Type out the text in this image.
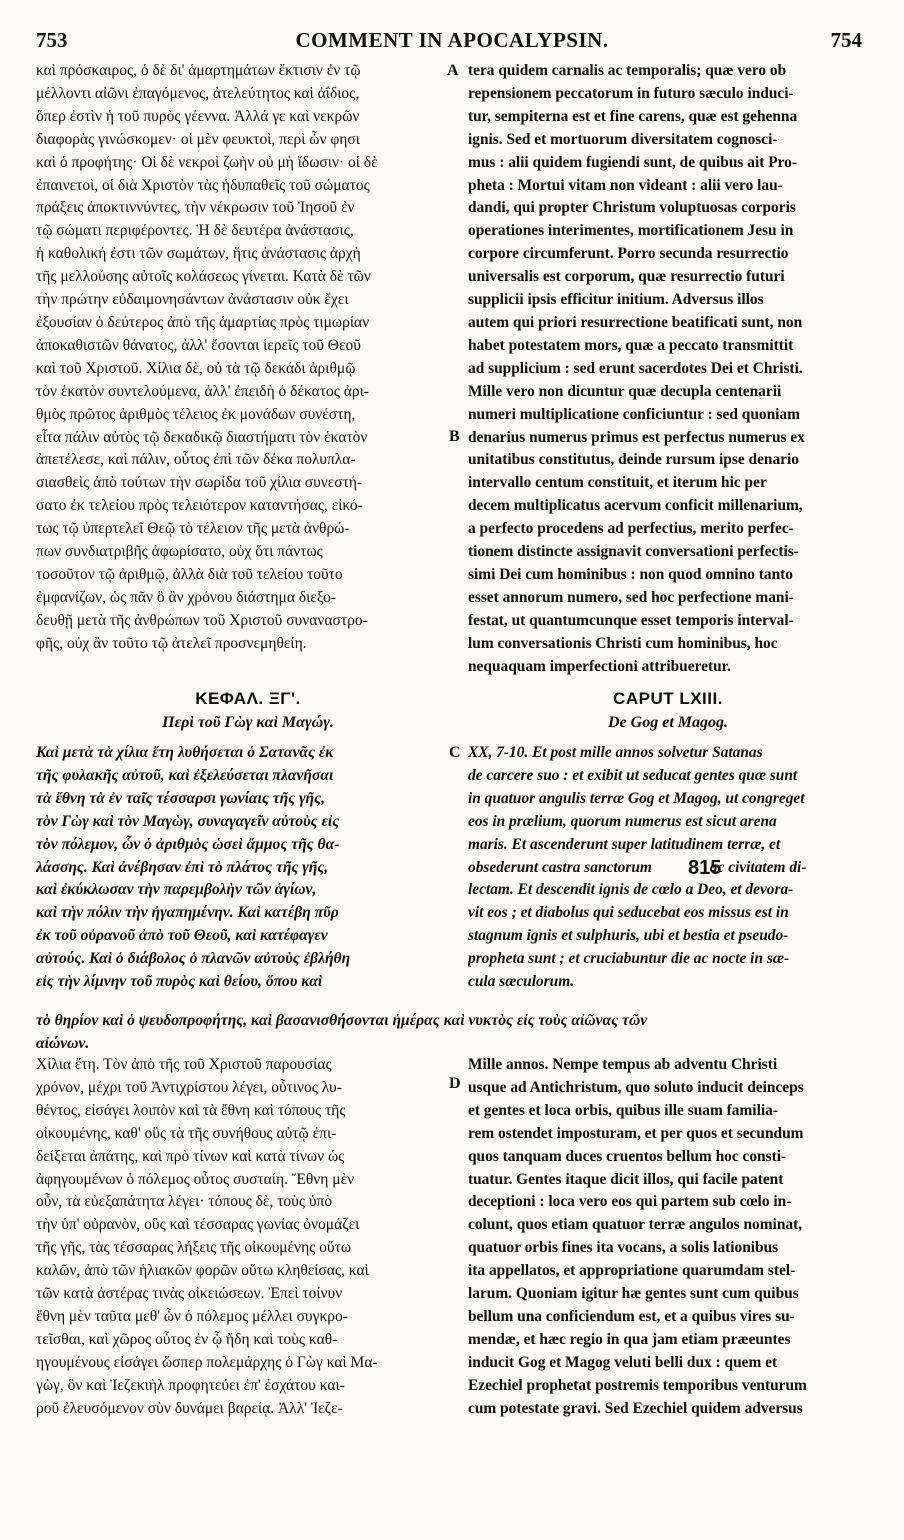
753	COMMENT IN APOCALYPSIN.	754
καὶ πρόσκαιρος, ὁ δὲ δι' ἁμαρτημάτων ἔκτισιν ἐν τῷ
μέλλοντι αἰῶνι ἐπαγόμενος, ἀτελεύτητος καὶ ἀΐδιος,
ὅπερ ἐστὶν ἡ τοῦ πυρὸς γέεννα. Ἀλλά γε καὶ νεκρῶν
διαφορὰς γινώσκομεν· οἱ μὲν φευκτοὶ, περὶ ὧν φησι
καὶ ὁ προφήτης· Οἱ δὲ νεκροὶ ζωὴν οὐ μὴ ἴδωσιν· οἱ δὲ
ἐπαινετοὶ, οἱ διὰ Χριστὸν τὰς ἡδυπαθεῖς τοῦ σώματος
πράξεις ἀποκτιννύντες, τὴν νέκρωσιν τοῦ Ἰησοῦ ἐν
τῷ σώματι περιφέροντες. Ἡ δὲ δευτέρα ἀνάστασις,
ἡ καθολική ἐστι τῶν σωμάτων, ἥτις ἀνάστασις ἀρχὴ
τῆς μελλούσης αὐτοῖς κολάσεως γίνεται. Κατὰ δὲ τῶν
τὴν πρώτην εὐδαιμονησάντων ἀνάστασιν οὐκ ἔχει
ἐξουσίαν ὁ δεύτερος ἀπὸ τῆς ἁμαρτίας πρὸς τιμωρίαν
ἀποκαθιστῶν θάνατος, ἀλλ' ἔσονται ἱερεῖς τοῦ Θεοῦ
καὶ τοῦ Χριστοῦ. Χίλια δὲ, οὐ τὰ τῷ δεκάδι ἀριθμῷ
τὸν ἑκατὸν συντελούμενα, ἀλλ' ἐπειδὴ ὁ δέκατος ἀρι-
θμὸς πρῶτος ἀριθμὸς τέλειος ἐκ μονάδων συνέστη,
εἶτα πάλιν αὐτὸς τῷ δεκαδικῷ διαστήματι τὸν ἑκατὸν
ἀπετέλεσε, καὶ πάλιν, οὗτος ἐπὶ τῶν δέκα πολυπλα-
σιασθεὶς ἀπὸ τούτων τὴν σωρίδα τοῦ χίλια συνεστή-
σατο ἐκ τελείου πρὸς τελειότερον καταντήσας, εἰκό-
τως τῷ ὑπερτελεῖ Θεῷ τὸ τέλειον τῆς μετὰ ἀνθρώ-
πων συνδιατριβῆς ἀφωρίσατο, οὐχ ὅτι πάντως
τοσοῦτον τῷ ἀριθμῷ, ἀλλὰ διὰ τοῦ τελείου τοῦτο
ἐμφανίζων, ὡς πᾶν ὃ ἂν χρόνου διάστημα διεξο-
δευθῇ μετὰ τῆς ἀνθρώπων τοῦ Χριστοῦ συναναστρο-
φῆς, οὐχ ἂν τοῦτο τῷ ἀτελεῖ προσνεμηθείη.
tera quidem carnalis ac temporalis; quæ vero ob
repensionem peccatorum in futuro sæculo induci-
tur, sempiterna est et fine carens, quæ est gehenna
ignis. Sed et mortuorum diversitatem cognosci-
mus : alii quidem fugiendi sunt, de quibus ait Pro-
pheta : Mortui vitam non videant : alii vero lau-
dandi, qui propter Christum voluptuosas corporis
operationes interimentes, mortificationem Jesu in
corpore circumferunt. Porro secunda resurrectio
universalis est corporum, quæ resurrectio futuri
supplicii ipsis efficitur initium. Adversus illos
autem qui priori resurrectione beatificati sunt, non
habet potestatem mors, quæ a peccato transmittit
ad supplicium : sed erunt sacerdotes Dei et Christi.
Mille vero non dicuntur quæ decupla centenarii
numeri multiplicatione conficiuntur : sed quoniam
denarius numerus primus est perfectus numerus ex
unitatibus constitutus, deinde rursum ipse denario
intervallo centum constituit, et iterum hic per
decem multiplicatus acervum conficit millenarium,
a perfecto procedens ad perfectius, merito perfec-
tionem distincte assignavit conversationi perfectis-
simi Dei cum hominibus : non quod omnino tanto
esset annorum numero, sed hoc perfectione mani-
festat, ut quantumcunque esset temporis interval-
lum conversationis Christi cum hominibus, hoc
nequaquam imperfectioni attribueretur.
A
B
C
D
ΚΕΦΑΛ. ΞΓ'.
Περὶ τοῦ Γὼγ καὶ Μαγώγ.
CAPUT LXIII.
De Gog et Magog.
Καὶ μετὰ τὰ χίλια ἔτη λυθήσεται ὁ Σατανᾶς ἐκ
τῆς φυλακῆς αὐτοῦ, καὶ ἐξελεύσεται πλανῆσαι
τὰ ἔθνη τὰ ἐν ταῖς τέσσαρσι γωνίαις τῆς γῆς,
τὸν Γὼγ καὶ τὸν Μαγὼγ, συναγαγεῖν αὐτοὺς εἰς
τὸν πόλεμον, ὧν ὁ ἀριθμὸς ὡσεὶ ἄμμος τῆς θα-
λάσσης. Καὶ ἀνέβησαν ἐπὶ τὸ πλάτος τῆς γῆς,
καὶ ἐκύκλωσαν τὴν παρεμβολὴν τῶν ἁγίων,
καὶ τὴν πόλιν τὴν ἠγαπημένην. Καὶ κατέβη πῦρ
ἐκ τοῦ οὐρανοῦ ἀπὸ τοῦ Θεοῦ, καὶ κατέφαγεν
αὐτούς. Καὶ ὁ διάβολος ὁ πλανῶν αὐτοὺς ἐβλήθη
εἰς τὴν λίμνην τοῦ πυρὸς καὶ θείου, ὅπου καὶ
XX, 7-10. Et post mille annos solvetur Satanas
de carcere suo : et exibit ut seducat gentes quæ sunt
in quatuor angulis terræ Gog et Magog, ut congreget
eos in prælium, quorum numerus est sicut arena
maris. Et ascenderunt super latitudinem terræ, et
obsederunt castra sanctorum	ac civitatem di-
lectam. Et descendit ignis de cœlo a Deo, et devora-
vit eos ; et diabolus qui seducebat eos missus est in
stagnum ignis et sulphuris, ubi et bestia et pseudo-
propheta sunt ; et cruciabuntur die ac nocte in sæ-
cula sæculorum.
815
τὸ θηρίον καὶ ὁ ψευδοπροφήτης, καὶ βασανισθήσονται ἡμέρας καὶ νυκτὸς εἰς τοὺς αἰῶνας τῶν
αἰώνων.
Χίλια ἔτη. Τὸν ἀπὸ τῆς τοῦ Χριστοῦ παρουσίας
χρόνον, μέχρι τοῦ Ἀντιχρίστου λέγει, οὗτινος λυ-
θέντος, εἰσάγει λοιπὸν καὶ τὰ ἔθνη καὶ τόπους τῆς
οἰκουμένης, καθ' οὓς τὰ τῆς συνήθους αὐτῷ ἐπι-
δείξεται ἀπάτης, καὶ πρὸ τίνων καὶ κατὰ τίνων ὡς
ἀφηγουμένων ὁ πόλεμος οὗτος συσταίη. Ἔθνη μὲν
οὖν, τὰ εὐεξαπάτητα λέγει· τόπους δὲ, τοὺς ὑπὸ
τὴν ὑπ' οὐρανὸν, οὓς καὶ τέσσαρας γωνίας ὀνομάζει
τῆς γῆς, τὰς τέσσαρας λήξεις τῆς οἰκουμένης οὕτω
καλῶν, ἀπὸ τῶν ἡλιακῶν φορῶν οὕτω κληθείσας, καὶ
τῶν κατὰ ἀστέρας τινὰς οἰκειώσεων. Ἐπεὶ τοίνυν
ἔθνη μὲν ταῦτα μεθ' ὧν ὁ πόλεμος μέλλει συγκρο-
τεῖσθαι, καὶ χῶρος οὗτος ἐν ᾧ ἤδη καὶ τοὺς καθ-
ηγουμένους εἰσάγει ὥσπερ πολεμάρχης ὁ Γὼγ καὶ Μα-
γὼγ, ὃν καὶ Ἰεζεκιὴλ προφητεύει ἐπ' ἐσχάτου και-
ροῦ ἐλευσόμενον σὺν δυνάμει βαρείᾳ. Ἀλλ' Ἰεζε-
Mille annos. Nempe tempus ab adventu Christi
usque ad Antichristum, quo soluto inducit deinceps
et gentes et loca orbis, quibus ille suam familia-
rem ostendet imposturam, et per quos et secundum
quos tanquam duces cruentos bellum hoc consti-
tuatur. Gentes itaque dicit illos, qui facile patent
deceptioni : loca vero eos qui partem sub cœlo in-
colunt, quos etiam quatuor terræ angulos nominat,
quatuor orbis fines ita vocans, a solis lationibus
ita appellatos, et appropriatione quarumdam stel-
larum. Quoniam igitur hæ gentes sunt cum quibus
bellum una conficiendum est, et a quibus vires su-
mendæ, et hæc regio in qua jam etiam præeuntes
inducit Gog et Magog veluti belli dux : quem et
Ezechiel prophetat postremis temporibus venturum
cum potestate gravi. Sed Ezechiel quidem adversus
